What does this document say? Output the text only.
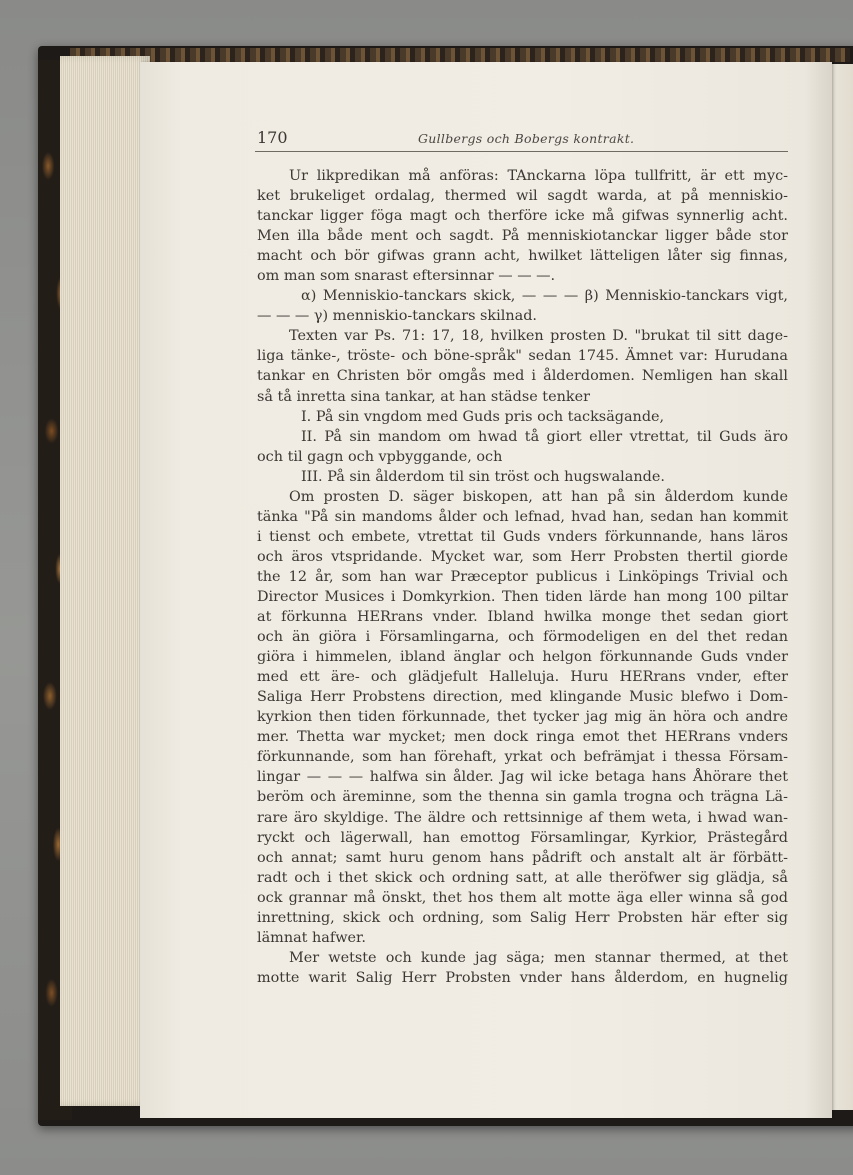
170	Gullbergs och Bobergs kontrakt.
Ur likpredikan må anföras: TAnckarna löpa tullfritt, är ett myc-
ket brukeliget ordalag, thermed wil sagdt warda, at på menniskio-
tanckar ligger föga magt och therföre icke må gifwas synnerlig acht.
Men illa både ment och sagdt. På menniskiotanckar ligger både stor
macht och bör gifwas grann acht, hwilket lätteligen låter sig finnas,
om man som snarast eftersinnar — — —.
α) Menniskio-tanckars skick, — — — β) Menniskio-tanckars vigt,
— — — γ) menniskio-tanckars skilnad.
Texten var Ps. 71: 17, 18, hvilken prosten D. "brukat til sitt dage-
liga tänke-, tröste- och böne-språk" sedan 1745. Ämnet var: Hurudana
tankar en Christen bör omgås med i ålderdomen. Nemligen han skall
så tå inretta sina tankar, at han städse tenker
I. På sin vngdom med Guds pris och tacksägande,
II. På sin mandom om hwad tå giort eller vtrettat, til Guds äro
och til gagn och vpbyggande, och
III. På sin ålderdom til sin tröst och hugswalande.
Om prosten D. säger biskopen, att han på sin ålderdom kunde
tänka "På sin mandoms ålder och lefnad, hvad han, sedan han kommit
i tienst och embete, vtrettat til Guds vnders förkunnande, hans läros
och äros vtspridande. Mycket war, som Herr Probsten thertil giorde
the 12 år, som han war Præceptor publicus i Linköpings Trivial och
Director Musices i Domkyrkion. Then tiden lärde han mong 100 piltar
at förkunna HERrans vnder. Ibland hwilka monge thet sedan giort
och än giöra i Församlingarna, och förmodeligen en del thet redan
giöra i himmelen, ibland änglar och helgon förkunnande Guds vnder
med ett äre- och glädjefult Halleluja. Huru HERrans vnder, efter
Saliga Herr Probstens direction, med klingande Music blefwo i Dom-
kyrkion then tiden förkunnade, thet tycker jag mig än höra och andre
mer. Thetta war mycket; men dock ringa emot thet HERrans vnders
förkunnande, som han förehaft, yrkat och befrämjat i thessa Försam-
lingar — — — halfwa sin ålder. Jag wil icke betaga hans Åhörare thet
beröm och äreminne, som the thenna sin gamla trogna och trägna Lä-
rare äro skyldige. The äldre och rettsinnige af them weta, i hwad wan-
ryckt och lägerwall, han emottog Församlingar, Kyrkior, Prästegård
och annat; samt huru genom hans pådrift och anstalt alt är förbätt-
radt och i thet skick och ordning satt, at alle theröfwer sig glädja, så
ock grannar må önskt, thet hos them alt motte äga eller winna så god
inrettning, skick och ordning, som Salig Herr Probsten här efter sig
lämnat hafwer.
Mer wetste och kunde jag säga; men stannar thermed, at thet
motte warit Salig Herr Probsten vnder hans ålderdom, en hugnelig
